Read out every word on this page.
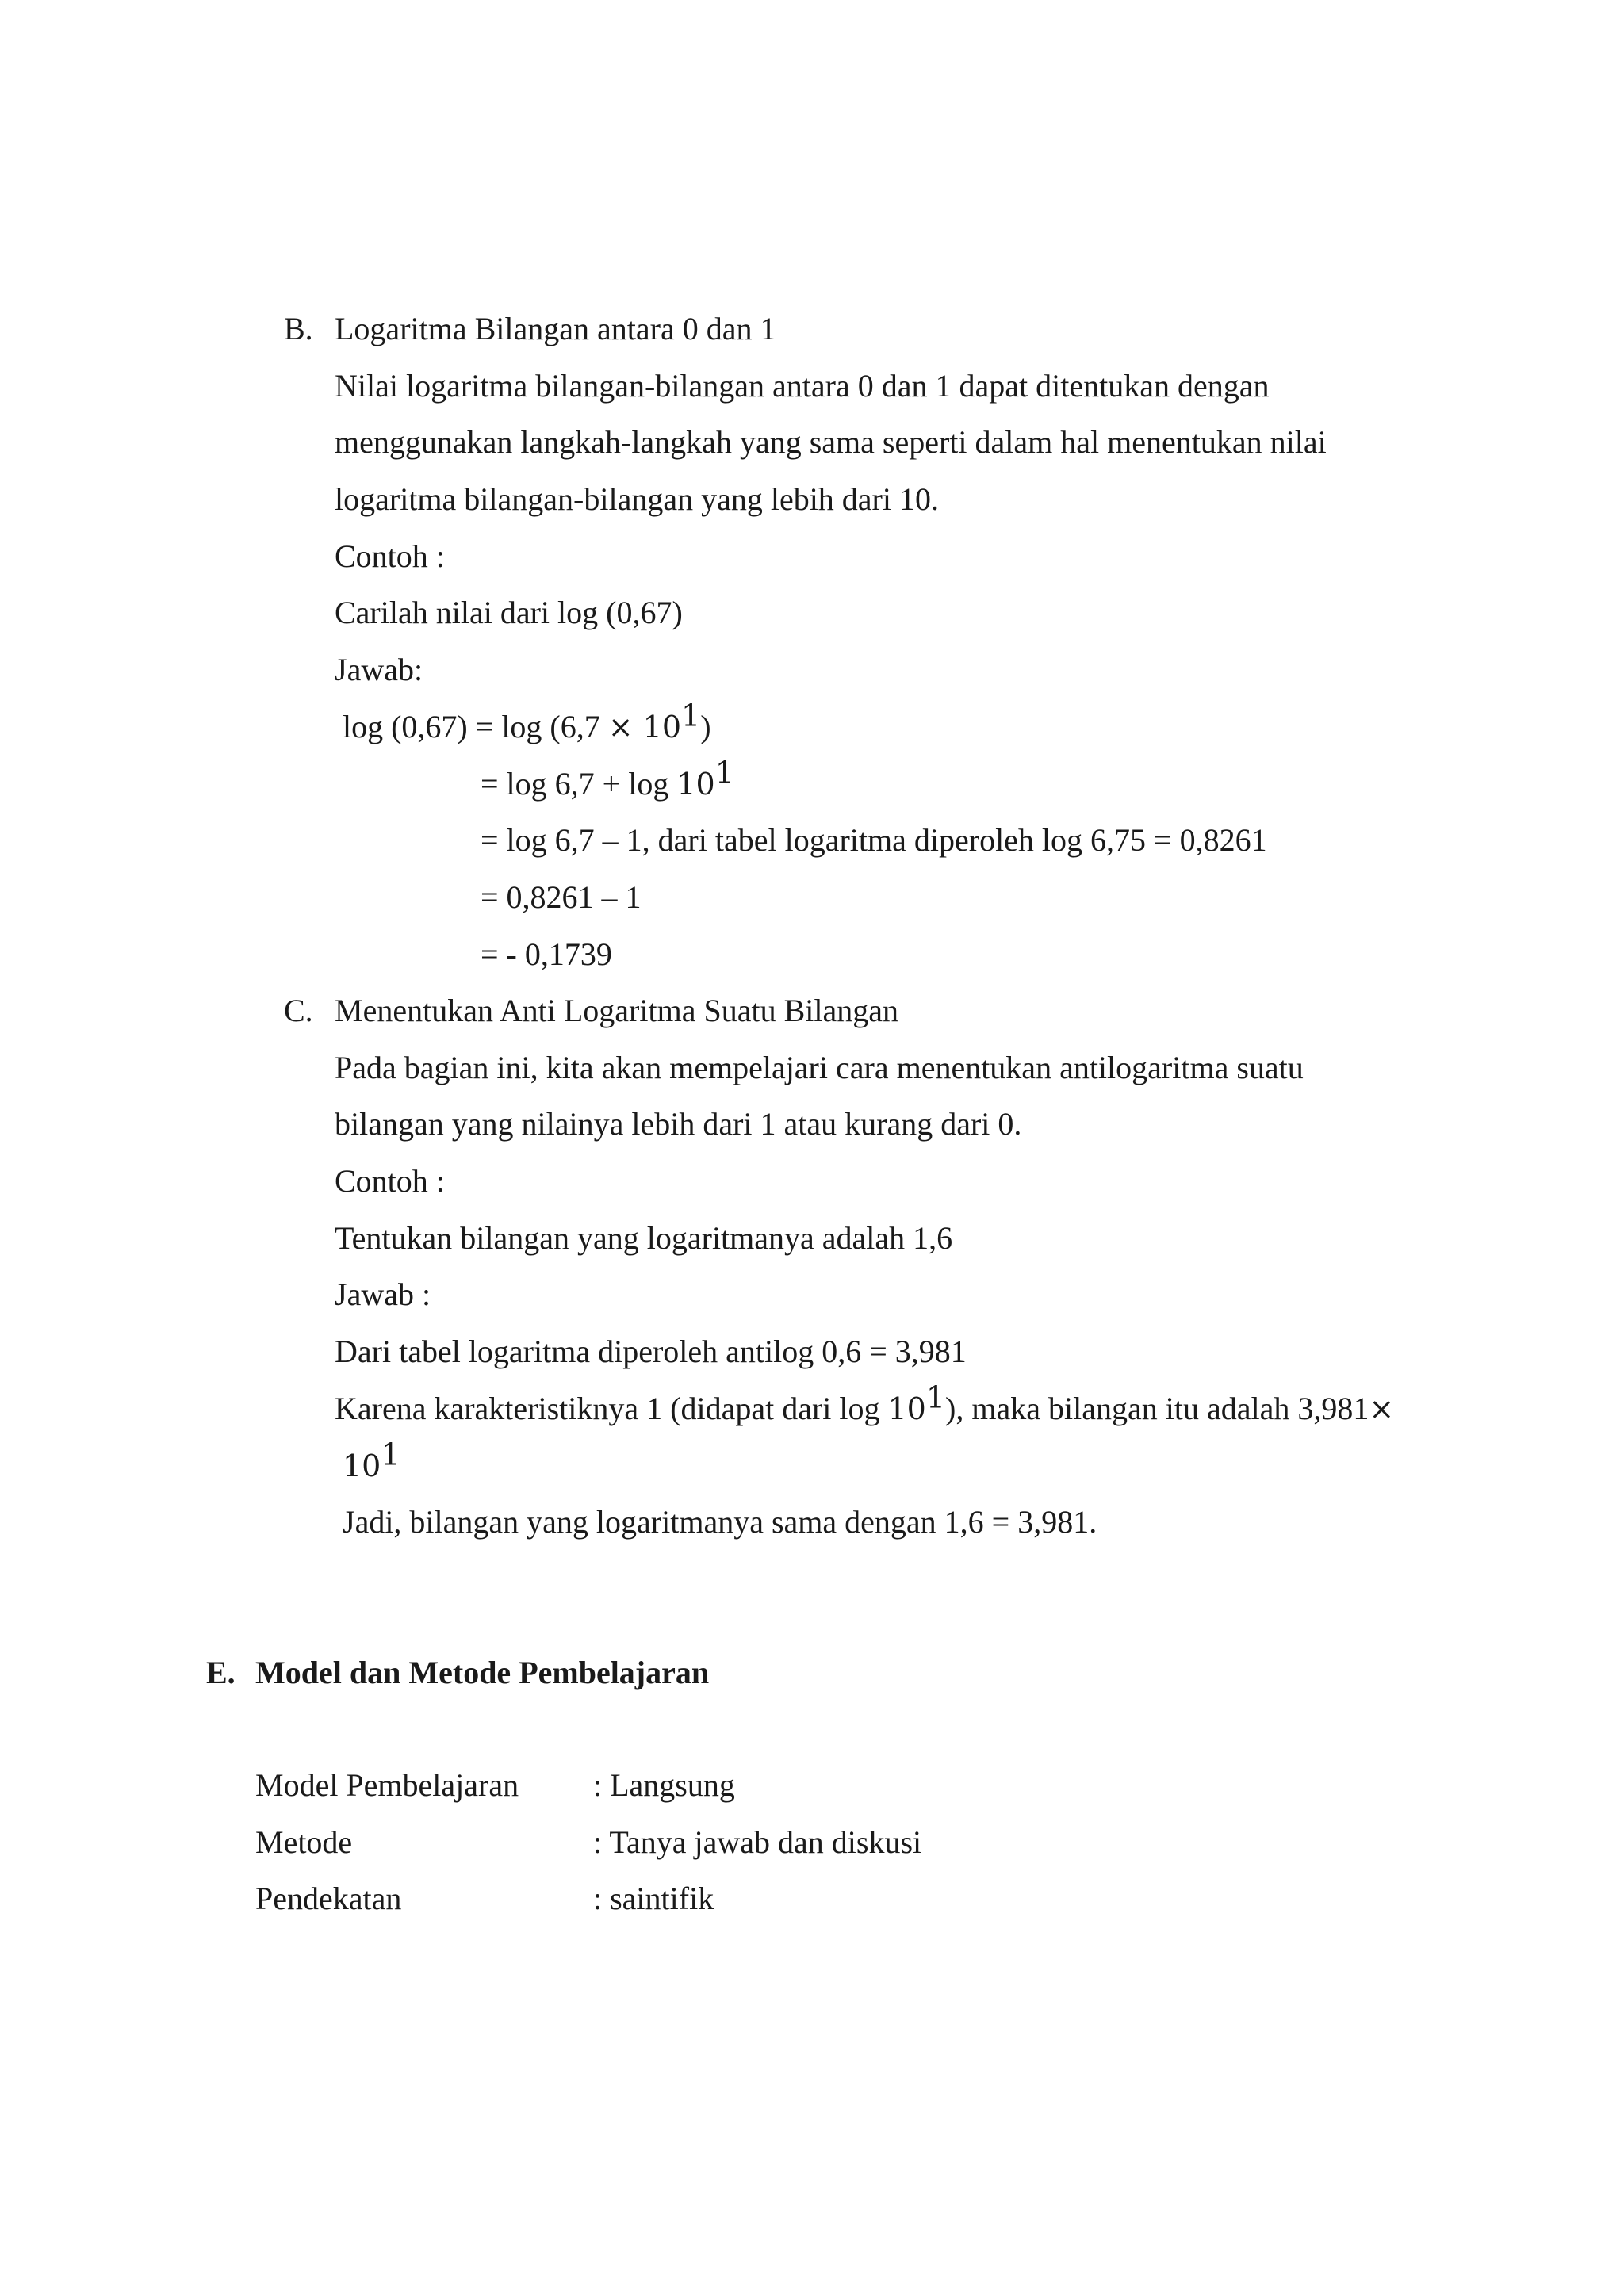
B. Logaritma Bilangan antara 0 dan 1
Nilai logaritma bilangan-bilangan antara 0 dan 1 dapat ditentukan dengan
menggunakan langkah-langkah yang sama seperti dalam hal menentukan nilai
logaritma bilangan-bilangan yang lebih dari 10.
Contoh :
Carilah nilai dari log (0,67)
Jawab:
$\log (0,67) = \log (6,7 \times 10^1)$
= $\log 6,7 + \log 10^1$
= log 6,7 – 1, dari tabel logaritma diperoleh log 6,75 = 0,8261
= 0,8261 – 1
= - 0,1739
C. Menentukan Anti Logaritma Suatu Bilangan
Pada bagian ini, kita akan mempelajari cara menentukan antilogaritma suatu
bilangan yang nilainya lebih dari 1 atau kurang dari 0.
Contoh :
Tentukan bilangan yang logaritmanya adalah 1,6
Jawab :
Dari tabel logaritma diperoleh antilog 0,6 = 3,981
Karena karakteristiknya 1 (didapat dari $\log 10^1$), maka bilangan itu adalah 3,981×
$10^1$
Jadi, bilangan yang logaritmanya sama dengan 1,6 = 3,981.
E. Model dan Metode Pembelajaran
Model Pembelajaran : Langsung
Metode	: Tanya jawab dan diskusi
Pendekatan	: saintifik
